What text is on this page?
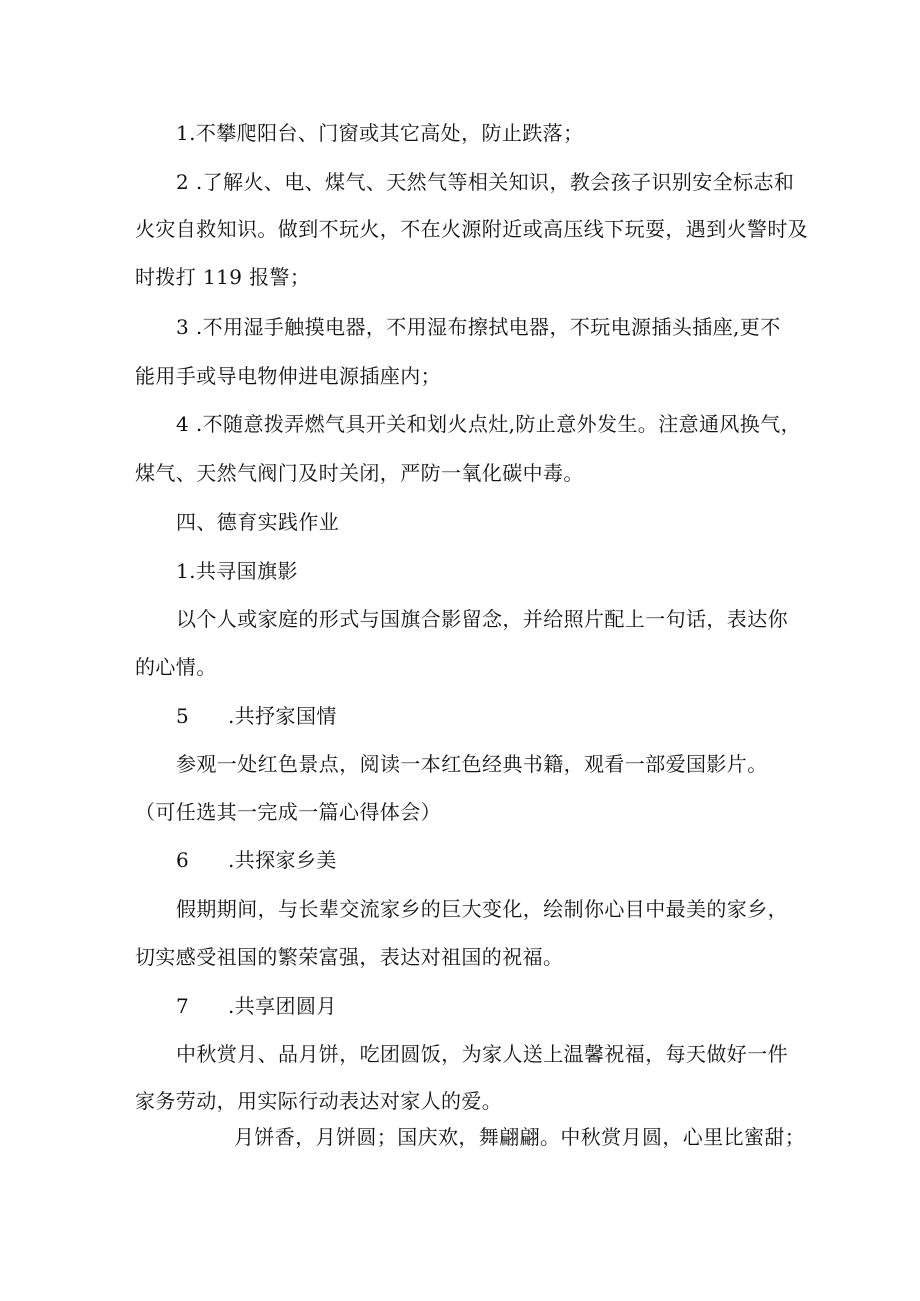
1.不攀爬阳台、门窗或其它高处，防止跌落；
2 .了解火、电、煤气、天然气等相关知识，教会孩子识别安全标志和
火灾自救知识。做到不玩火，不在火源附近或高压线下玩耍，遇到火警时及
时拨打 119 报警；
3 .不用湿手触摸电器，不用湿布擦拭电器，不玩电源插头插座,更不
能用手或导电物伸进电源插座内；
4 .不随意拨弄燃气具开关和划火点灶,防止意外发生。注意通风换气，
煤气、天然气阀门及时关闭，严防一氧化碳中毒。
四、德育实践作业
1.共寻国旗影
以个人或家庭的形式与国旗合影留念，并给照片配上一句话，表达你
的心情。
5 .共抒家国情
参观一处红色景点，阅读一本红色经典书籍，观看一部爱国影片。
（可任选其一完成一篇心得体会）
6 .共探家乡美
假期期间，与长辈交流家乡的巨大变化，绘制你心目中最美的家乡，
切实感受祖国的繁荣富强，表达对祖国的祝福。
7 .共享团圆月
中秋赏月、品月饼，吃团圆饭，为家人送上温馨祝福，每天做好一件
家务劳动，用实际行动表达对家人的爱。
月饼香，月饼圆；国庆欢，舞翩翩。中秋赏月圆，心里比蜜甜；
